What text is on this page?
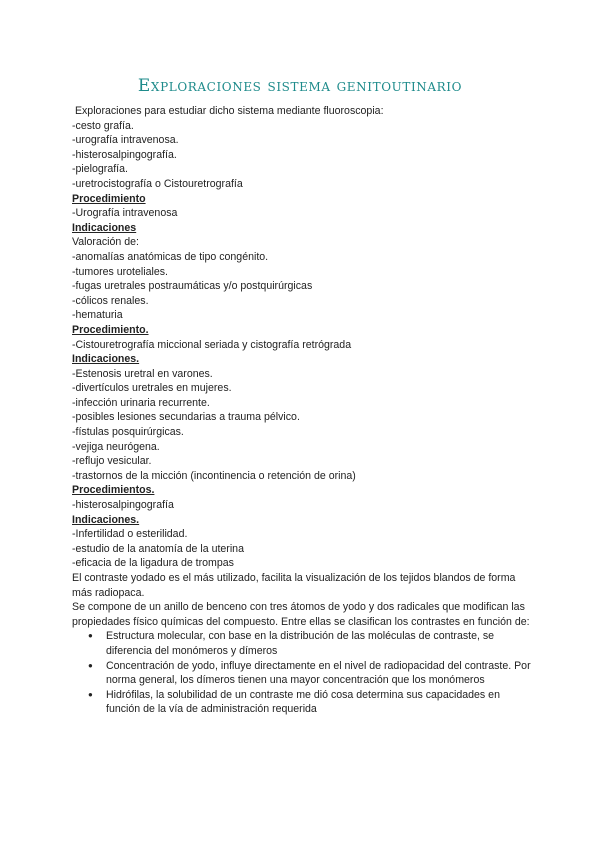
Exploraciones sistema genitoutinario
Exploraciones para estudiar dicho sistema mediante fluoroscopia:
-cesto grafía.
-urografía intravenosa.
-histerosalpingografía.
-pielografía.
-uretrocistografía o Cistouretrografía
Procedimiento
-Urografía intravenosa
Indicaciones
Valoración de:
-anomalías anatómicas de tipo congénito.
-tumores uroteliales.
-fugas uretrales postraumáticas y/o postquirúrgicas
-cólicos renales.
-hematuria
Procedimiento.
-Cistouretrografía miccional seriada y cistografía retrógrada
Indicaciones.
-Estenosis uretral en varones.
-divertículos uretrales en mujeres.
-infección urinaria recurrente.
-posibles lesiones secundarias a trauma pélvico.
-fístulas posquirúrgicas.
-vejiga neurógena.
-reflujo vesicular.
-trastornos de la micción (incontinencia o retención de orina)
Procedimientos.
-histerosalpingografía
Indicaciones.
-Infertilidad o esterilidad.
-estudio de la anatomía de la uterina
-eficacia de la ligadura de trompas
El contraste yodado es el más utilizado, facilita la visualización de los tejidos blandos de forma más radiopaca.
Se compone de un anillo de benceno con tres átomos de yodo y dos radicales que modifican las propiedades físico químicas del compuesto. Entre ellas se clasifican los contrastes en función de:
● Estructura molecular, con base en la distribución de las moléculas de contraste, se diferencia del monómeros y dímeros
● Concentración de yodo, influye directamente en el nivel de radiopacidad del contraste. Por norma general, los dímeros tienen una mayor concentración que los monómeros
● Hidrófilas, la solubilidad de un contraste me dió cosa determina sus capacidades en función de la vía de administración requerida
